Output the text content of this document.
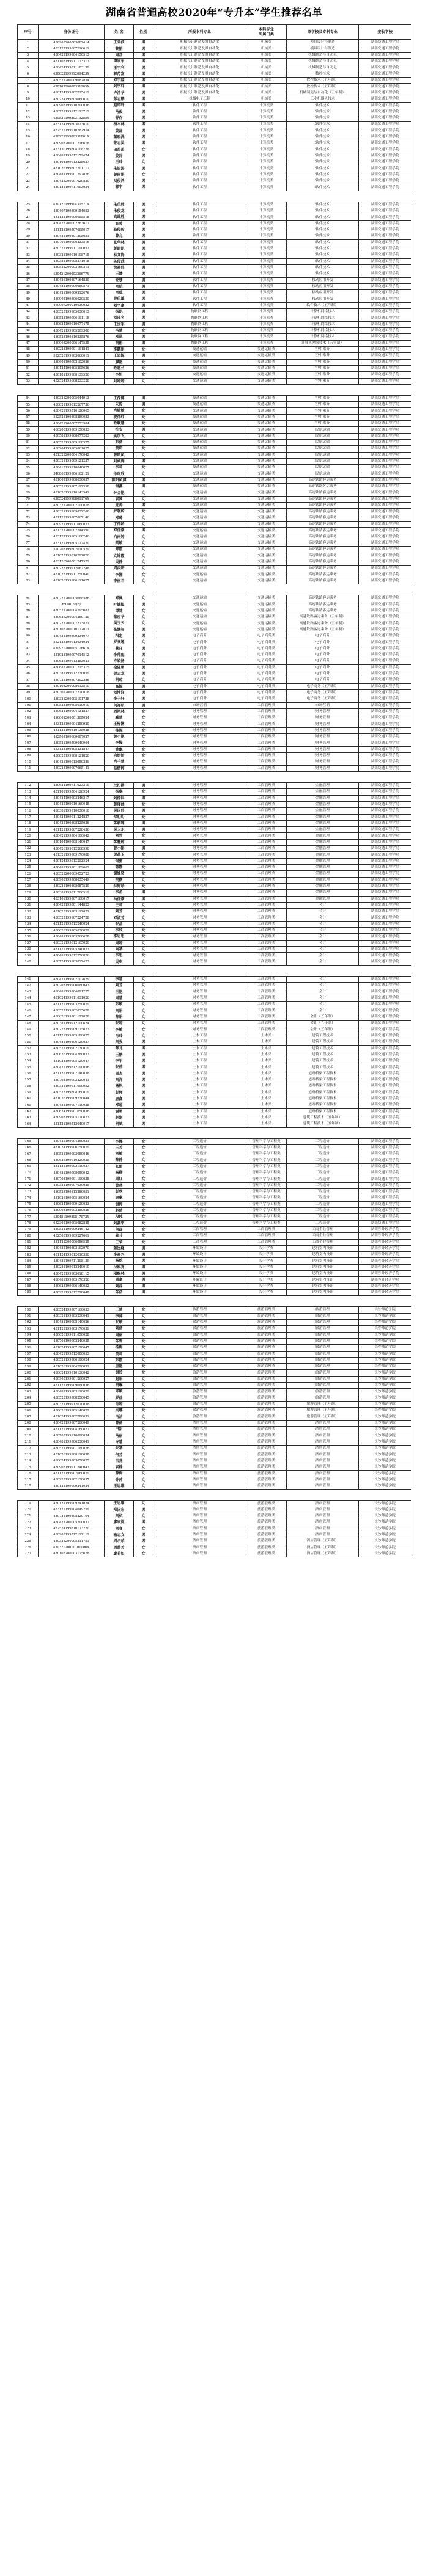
湖南省普通高校2020年“专升本”学生推荐名单
序号	身份证号	姓 名	性别	所报本科专业	本科专业
所属门类	原学校及专科专业	接收学校
1	430903200003082414	王亚波	男	机械设计制造及其自动化	机械类	模具设计与制造	湖南交通工程学院
2	433127199807216611	黎韬	男	机械设计制造及其自动化	机械类	模具设计与制造	湖南交通工程学院
3	430422199904150513	周勃	男	机械设计制造及其自动化	机械类	机械制造与自动化	湖南交通工程学院
4	431103199911173313	谭家乐	男	机械设计制造及其自动化	机械类	机械制造与自动化	湖南交通工程学院
5	430424199811103139	王宇利	男	机械设计制造及其自动化	机械类	机械制造与自动化	湖南交通工程学院
6	43062319991209423X	郭范富	男	机械设计制造及其自动化	机械类	数控技术	湖南交通工程学院
7	430521200009082854	邓宇翔	男	机械设计制造及其自动化	机械类	数控技术（五年制）	湖南交通工程学院
8	43010320000331105X	刘宇轩	男	机械设计制造及其自动化	机械类	数控技术（五年制）	湖南交通工程学院
9	430124199902215412	许清华	男	机械设计制造及其自动化	机械类	机械制造与自动化（五年制）	湖南交通工程学院
10	430224199805060610	彭志鹏	男	机械电子工程	机械类	工业机器人技术	湖南交通工程学院
11	430903199910200036	赵镕轩	男	软件工程	计算机类	软件技术	湖南交通工程学院
12	430721199912113712	马俊	男	软件工程	计算机类	软件技术	湖南交通工程学院
13	43052119980313285X	舒作	男	软件工程	计算机类	软件技术	湖南交通工程学院
14	433124199803023610	杨木林	男	软件工程	计算机类	软件技术	湖南交通工程学院
15	432522199910282974	黄磊	男	软件工程	计算机类	软件技术	湖南交通工程学院
16	43022319980331801X	董晓洗	男	软件工程	计算机类	软件技术	湖南交通工程学院
17	430903200001216618	张志昊	男	软件工程	计算机类	软件技术	湖南交通工程学院
18	433130199804108728	田盈盈	女	软件工程	计算机类	软件技术	湖南交通工程学院
19	430481199812179474	姜舒	男	软件工程	计算机类	软件技术	湖南交通工程学院
20	430104199912225627	王玲	女	软件工程	计算机类	软件技术	湖南交通工程学院
21	431026199807201117	朱银涛	男	软件工程	计算机类	软件技术	湖南交通工程学院
22	430481199901297026	曾丽娟	女	软件工程	计算机类	软件技术	湖南交通工程学院
23	430422200001029830	刘俊鸿	男	软件工程	计算机类	软件技术	湖南交通工程学院
24	430181199711093034	郭宇	男	软件工程	计算机类	软件技术	湖南交通工程学院
25	43012119990430521X	朱荣胜	男	软件工程	计算机类	软件技术	湖南交通工程学院
26	430407199809154053	朱俊龙	男	软件工程	计算机类	软件技术	湖南交通工程学院
27	431121199906055518	高雄胜	男	软件工程	计算机类	软件技术	湖南交通工程学院
28	430423200002263617	宾黄	男	软件工程	计算机类	软件技术	湖南交通工程学院
29	431128199807095017	骆俊毅	男	软件工程	计算机类	软件技术	湖南交通工程学院
30	430421199801305651	曾允	男	软件工程	计算机类	软件技术	湖南交通工程学院
31	430702199906233516	张华林	男	软件工程	计算机类	软件技术	湖南交通工程学院
32	430321199911190052	彭韶凯	男	软件工程	计算机类	软件技术	湖南交通工程学院
33	430321199910108715	易文海	男	软件工程	计算机类	软件技术	湖南交通工程学院
34	430381199908271018	陈俊武	男	软件工程	计算机类	软件技术	湖南交通工程学院
35	430521200003169211	徐嘉伟	男	软件工程	计算机类	软件技术	湖南交通工程学院
36	43042120000326677X	王潘	男	软件工程	计算机类	软件技术	湖南交通工程学院
37	430426199807164839	龙梦	男	软件工程	计算机类	移动应用开发	湖南交通工程学院
38	430481199906080571	肖航	男	软件工程	计算机类	移动应用开发	湖南交通工程学院
39	430421199909212676	肖威	男	软件工程	计算机类	移动应用开发	湖南交通工程学院
40	430902199806020530	曹伯雄	男	软件工程	计算机类	移动应用开发	湖南交通工程学院
41	460007200010030032	刘宇豪	男	软件工程	计算机类	软件技术（五年制）	湖南交通工程学院
42	430523199905030013	杨凯	男	物联网工程	计算机类	计算机网络技术	湖南交通工程学院
43	430523199906191118	刘邵名	男	物联网工程	计算机类	计算机网络技术	湖南交通工程学院
44	430624199910077475	王世军	男	物联网工程	计算机类	计算机网络技术	湖南交通工程学院
45	430421199905209306	冯慧	女	物联网工程	计算机类	计算机网络技术	湖南交通工程学院
46	430523199810235876	邓昆	男	物联网工程	计算机类	计算机网络技术	湖南交通工程学院
47	430903200006147535	胡彬	男	物联网工程	计算机类	计算机网络技术（五年制）	湖南交通工程学院
48	430223199901191841	李懿娟	女	交通运输	交通运输类	空中乘务	湖南交通工程学院
49	522528199903060011	王思源	男	交通运输	交通运输类	空中乘务	湖南交通工程学院
50	430603199902102026	廖艳	女	交通运输	交通运输类	空中乘务	湖南交通工程学院
51	430124199805205626	欧惠兰	女	交通运输	交通运输类	空中乘务	湖南交通工程学院
52	430181199908139526	李恒	女	交通运输	交通运输类	空中乘务	湖南交通工程学院
53	432524199808233220	刘婷婷	女	交通运输	交通运输类	空中乘务	湖南交通工程学院
54	430321200005044913	王深博	男	交通运输	交通运输类	空中乘务	湖南交通工程学院
55	430821199812267736	朱毅	男	交通运输	交通运输类	空中乘务	湖南交通工程学院
56	430422199810120065	肖敏敏	女	交通运输	交通运输类	空中乘务	湖南交通工程学院
57	522528199808280083	祝伟红	女	交通运输	交通运输类	空中乘务	湖南交通工程学院
58	430421200007253984	欧联慧	女	交通运输	交通运输类	空中乘务	湖南交通工程学院
59	460200199909150033	符安	男	交通运输	交通运输类	民航运输	湖南交通工程学院
60	430581199908077283	姚绥飞	女	交通运输	交通运输类	民航运输	湖南交通工程学院
61	430525199809168525	彭倩	女	交通运输	交通运输类	民航运输	湖南交通工程学院
62	430204199905061025	黄妍	女	交通运输	交通运输类	民航运输	湖南交通工程学院
63	431322200004170042	曾斯凤	女	交通运输	交通运输类	民航运输	湖南交通工程学院
64	430321199809121237	刘威骅	男	交通运输	交通运输类	民航运输	湖南交通工程学院
65	430412199910040027	李莉	女	交通运输	交通运输类	民航运输	湖南交通工程学院
66	340803199906162121	徐珂欣	女	交通运输	交通运输类	民航运输	湖南交通工程学院
67	431002199908030037	陈阳凤博	男	交通运输	交通运输类	高速铁路客运乘务	湖南交通工程学院
68	430521199907192590	谢鑫	男	交通运输	交通运输类	高速铁路客运乘务	湖南交通工程学院
69	431026199910143541	钟金艳	女	交通运输	交通运输类	高速铁路客运乘务	湖南交通工程学院
70	43052419990806176X	袁冀	女	交通运输	交通运输类	高速铁路客运乘务	湖南交通工程学院
71	430321200002100078	龙涛	男	交通运输	交通运输类	高速铁路客运乘务	湖南交通工程学院
72	430321199909032266	罗晓蔚	女	交通运输	交通运输类	高速铁路客运乘务	湖南交通工程学院
73	431122199907067146	邓璐	女	交通运输	交通运输类	高速铁路客运乘务	湖南交通工程学院
74	430921199911060023	丁伟龄	女	交通运输	交通运输类	高速铁路客运乘务	湖南交通工程学院
75	431321200002244590	邓佳豪	男	交通运输	交通运输类	高速铁路客运乘务	湖南交通工程学院
76	433127199905168246	向雨婷	女	交通运输	交通运输类	高速铁路客运乘务	湖南交通工程学院
77	433127199805127420	樊敏	女	交通运输	交通运输类	高速铁路客运乘务	湖南交通工程学院
78	520203199807010529	郑霞	女	交通运输	交通运输类	高速铁路客运乘务	湖南交通工程学院
79	431025199810292826	文锦霞	女	交通运输	交通运输类	高速铁路客运乘务	湖南交通工程学院
80	433126200001247522	吴静	女	交通运输	交通运输类	高速铁路客运乘务	湖南交通工程学院
81	430223199912067248	周添妍	女	交通运输	交通运输类	高速铁路客运乘务	湖南交通工程学院
82	431023199911250040	李湘	女	交通运输	交通运输类	高速铁路客运乘务	湖南交通工程学院
83	431026199906111627	李丽君	女	交通运输	交通运输类	高速铁路客运乘务	湖南交通工程学院
84	430722200005088586	邓佩	女	交通运输	交通运输类	高速铁路客运乘务	湖南交通工程学院
85	R974076(6)	叶铖韫	男	交通运输	交通运输类	高速铁路客运乘务	湖南交通工程学院
86	430521200004295682	谭婕	女	交通运输	交通运输类	高速铁路客运乘务	湖南交通工程学院
87	430626200004260129	张应华	女	交通运输	交通运输类	高速铁路客运乘务（五年制）	湖南交通工程学院
88	430223200007273821	昊玉云	女	交通运输	交通运输类	高速铁路客运乘务（五年制）	湖南交通工程学院
89	430105200010172011	张涵智	男	交通运输	交通运输类	高速铁路客运乘务（五年制）	湖南交通工程学院
90	430421199809234077	阳定	男	电子商务	电子商务类	电子商务	湖南交通工程学院
91	522128199912034024	罗亚娅	女	电子商务	电子商务类	电子商务	湖南交通工程学院
92	43092120000517661X	蔡旺	男	电子商务	电子商务类	电子商务	湖南交通工程学院
93	431023199907014512	李帅彪	男	电子商务	电子商务类	电子商务	湖南交通工程学院
94	430626199912283021	方姣扬	女	电子商务	电子商务类	电子商务	湖南交通工程学院
95	430682200001215315	余陈勇	男	电子商务	电子商务类	电子商务	湖南交通工程学院
96	430381199912230059	贺志龙	男	电子商务	电子商务类	电子商务	湖南交通工程学院
97	430722199807302286	胡琼	女	电子商务	电子商务类	电子商务	湖南交通工程学院
98	430103200008013510	高源	男	电子商务	电子商务类	电子商务（五年制）	湖南交通工程学院
99	430302200007270018	刘博洋	男	电子商务	电子商务类	电子商务（五年制）	湖南交通工程学院
100	430321200005101738	李子轩	男	电子商务	电子商务类	电子商务（五年制）	湖南交通工程学院
101	430523199605010010	何祥明	男	市场营销	工商管理类	市场营销	湖南交通工程学院
102	430621199904131827	周艳林	女	财务管理	工商管理类	财务管理	湖南交通工程学院
103	430902200001305024	臧慧	女	财务管理	工商管理类	财务管理	湖南交通工程学院
104	433123199904250920	王梓淋	女	财务管理	工商管理类	财务管理	湖南交通工程学院
105	431121199810138028	桂妮	女	财务管理	工商管理类	财务管理	湖南交通工程学院
106	432503199909097027	黄小艳	女	财务管理	工商管理类	财务管理	湖南交通工程学院
107	430521199809040964	李慢	女	财务管理	工商管理类	财务管理	湖南交通工程学院
108	433123199805231847	姚飘	女	财务管理	工商管理类	财务管理	湖南交通工程学院
109	430822199908121826	向娇娇	女	财务管理	工商管理类	财务管理	湖南交通工程学院
110	430421199912059289	肖千慧	女	财务管理	工商管理类	财务管理	湖南交通工程学院
111	430223199907065141	易熠婷	女	财务管理	工商管理类	财务管理	湖南交通工程学院
112	430624199711023319	兰汨港	男	财务管理	工商管理类	金融管理	湖南交通工程学院
113	431102199804128924	杨琳	女	财务管理	工商管理类	金融管理	湖南交通工程学院
114	430424199903246217	刘杨科	男	财务管理	工商管理类	金融管理	湖南交通工程学院
115	430422199910160048	彭瑾涵	女	财务管理	工商管理类	金融管理	湖南交通工程学院
116	430381199910030010	吴国伟	男	财务管理	工商管理类	金融管理	湖南交通工程学院
117	430424199911224827	邹盼盼	女	财务管理	工商管理类	金融管理	湖南交通工程学院
118	430422199808225036	陈朝晖	男	财务管理	工商管理类	金融管理	湖南交通工程学院
119	431121199807228436	吴卫东	男	财务管理	工商管理类	金融管理	湖南交通工程学院
120	430421199904100042	刘哲	女	财务管理	工商管理类	金融管理	湖南交通工程学院
121	420104199908140047	陈慧婷	女	财务管理	工商管理类	金融管理	湖南交通工程学院
122	430426199812268990	曾小铭	男	财务管理	工商管理类	金融管理	湖南交通工程学院
123	431321199909170088	贺晶玉	女	财务管理	工商管理类	金融管理	湖南交通工程学院
124	430124199812292924	何蜜	女	财务管理	工商管理类	金融管理	湖南交通工程学院
125	430481199901109662	蒋勘	女	财务管理	工商管理类	金融管理	湖南交通工程学院
126	430522200009052723	谢姝贤	女	财务管理	工商管理类	金融管理	湖南交通工程学院
127	430903199908035449	贺微	女	财务管理	工商管理类	金融管理	湖南交通工程学院
128	430221199808087529	林甯珍	女	财务管理	工商管理类	金融管理	湖南交通工程学院
129	430381199811206519	李丞	男	财务管理	工商管理类	金融管理	湖南交通工程学院
130	433101199907160017	马佳豪	男	财务管理	工商管理类	金融管理	湖南交通工程学院
131	430422199801144823	王莉	女	财务管理	工商管理类	会计	湖南交通工程学院
132	431023199903112021	刘芳	女	财务管理	工商管理类	会计	湖南交通工程学院
133	430522199907224728	邓淑芳	女	财务管理	工商管理类	会计	湖南交通工程学院
134	431122199812240024	张晶	女	财务管理	工商管理类	会计	湖南交通工程学院
135	430626199905030029	李姣	女	财务管理	工商管理类	会计	湖南交通工程学院
136	430481199903260628	李思思	女	财务管理	工商管理类	会计	湖南交通工程学院
137	430321199812165020	周婷	女	财务管理	工商管理类	会计	湖南交通工程学院
138	431122199905240023	向琴	女	财务管理	工商管理类	会计	湖南交通工程学院
139	430481199812256826	李思	女	财务管理	工商管理类	会计	湖南交通工程学院
140	430724199903012423	吴琪	女	财务管理	工商管理类	会计	湖南交通工程学院
141	430421199902107629	李慧	女	财务管理	工商管理类	会计	湖南交通工程学院
142	430703199906080043	刘芳	女	财务管理	工商管理类	会计	湖南交通工程学院
143	430481199904091225	王艳	女	财务管理	工商管理类	会计	湖南交通工程学院
144	431024199911031026	周慧	女	财务管理	工商管理类	会计	湖南交通工程学院
145	431122199903250029	彭敏	女	财务管理	工商管理类	会计	湖南交通工程学院
146	430522199902035628	刘娟	女	财务管理	工商管理类	会计	湖南交通工程学院
147	430626199901122028	陈娟	女	财务管理	工商管理类	会计（五年制）	湖南交通工程学院
148	430381199912100624	张婷	女	财务管理	工商管理类	会计（五年制）	湖南交通工程学院
149	430223199909175023	李敏	女	财务管理	工商管理类	会计（五年制）	湖南交通工程学院
150	431121199905180025	肖玲	女	土木工程	土木类	建筑工程技术	湖南交通工程学院
151	430481199806120037	刘强	男	土木工程	土木类	建筑工程技术	湖南交通工程学院
152	430521199902130019	陈龙	男	土木工程	土木类	建筑工程技术	湖南交通工程学院
153	430626199904280033	王鹏	男	土木工程	土木类	建筑工程技术	湖南交通工程学院
154	431024199905120047	李军	男	土木工程	土木类	建筑工程技术	湖南交通工程学院
155	430422199812190056	张伟	男	土木工程	土木类	建筑工程技术	湖南交通工程学院
156	431122199907140038	周杰	男	土木工程	土木类	道路桥梁工程技术	湖南交通工程学院
157	430703199903220041	刘洋	男	土木工程	土木类	道路桥梁工程技术	湖南交通工程学院
158	430321199911090052	杨帆	男	土木工程	土木类	道路桥梁工程技术	湖南交通工程学院
159	430523199808160019	彭辉	男	土木工程	土木类	道路桥梁工程技术	湖南交通工程学院
160	431026199909230044	唐鑫	男	土木工程	土木类	道路桥梁工程技术	湖南交通工程学院
161	430481199907110028	邓超	男	土木工程	土木类	道路桥梁工程技术	湖南交通工程学院
162	430624199901050036	谢勇	男	土木工程	土木类	道路桥梁工程技术	湖南交通工程学院
163	430903199905170023	赵刚	男	土木工程	土木类	建筑工程技术（五年制）	湖南交通工程学院
164	431121199812040017	胡斌	男	土木工程	土木类	建筑工程技术（五年制）	湖南交通工程学院
165	430422199904260031	李娜	女	工程造价	管理科学与工程类	工程造价	湖南交通工程学院
166	431024199906150029	王芳	女	工程造价	管理科学与工程类	工程造价	湖南交通工程学院
167	430521199903080046	刘敏	女	工程造价	管理科学与工程类	工程造价	湖南交通工程学院
168	430626199910220035	陈静	女	工程造价	管理科学与工程类	工程造价	湖南交通工程学院
169	431122199902110027	张丽	女	工程造价	管理科学与工程类	工程造价	湖南交通工程学院
170	430481199908050042	杨柳	女	工程造价	管理科学与工程类	工程造价	湖南交通工程学院
171	430703199901190038	周红	女	工程造价	管理科学与工程类	工程造价	湖南交通工程学院
172	430321199907030025	黄燕	女	工程造价	管理科学与工程类	工程造价	湖南交通工程学院
173	430523199812280051	彭欣	女	工程造价	管理科学与工程类	工程造价	湖南交通工程学院
174	431026199905160024	唐琳	女	工程造价	管理科学与工程类	工程造价	湖南交通工程学院
175	430624199909120033	谢婷	女	工程造价	管理科学与工程类	工程造价	湖南交通工程学院
176	430903199903250026	赵倩	女	工程造价	管理科学与工程类	工程造价	湖南交通工程学院
177	43048119980817972X	段纯	女	工程造价	管理科学与工程类	工程造价	湖南交通工程学院
178	652302199905082825	刘鑫宇	女	工程造价	管理科学与工程类	工程造价	湖南交通工程学院
179	430521199909246142	何磊	女	工商管理	工商管理类	工商企业管理	湖南涉外经济学院
180	432503199909227661	郭芬	女	工商管理	工商管理类	工商企业管理	湖南涉外经济学院
181	431121200006086525	王荣	女	工商管理	工商管理类	工商企业管理	湖南涉外经济学院
182	430482199802192970	蒋岚峰	男	环境设计	设计学类	建筑室内设计	湖南涉外经济学院
183	431124199812010350	李嘉兴	男	环境设计	设计学类	建筑室内设计	湖南涉外经济学院
184	430482199711298139	杨乾	男	环境设计	设计学类	建筑室内设计	湖南涉外经济学院
185	430281199912249010	付科亮	男	环境设计	设计学类	建筑室内设计	湖南涉外经济学院
186	430422199903018115	阳赐林	男	环境设计	设计学类	建筑室内设计	湖南涉外经济学院
187	430481199905170326	周豪	男	环境设计	设计学类	建筑室内设计	湖南涉外经济学院
188	430623199906140052	刘磊	男	环境设计	设计学类	建筑室内设计	湖南涉外经济学院
189	430921199812220048	陈浩	男	环境设计	设计学类	建筑室内设计	湖南涉外经济学院
190	430524199907160033	王慧	女	旅游管理	旅游管理类	旅游管理	长沙师范学院
191	430321199905230041	李萍	女	旅游管理	旅游管理类	旅游管理	长沙师范学院
192	430481199908140026	张敏	女	旅游管理	旅游管理类	旅游管理	长沙师范学院
193	431122199903170039	刘倩	女	旅游管理	旅游管理类	旅游管理	长沙师范学院
194	430626199911050028	周丽	女	旅游管理	旅游管理类	旅游管理	长沙师范学院
195	430703199902240035	陈雪	女	旅游管理	旅游管理类	旅游管理	长沙师范学院
196	431024199907120047	杨梅	女	旅游管理	旅游管理类	旅游管理	长沙师范学院
197	430422199812080053	黄莉	女	旅游管理	旅游管理类	旅游管理	长沙师范学院
198	430521199906190024	彭霞	女	旅游管理	旅游管理类	旅游管理	长沙师范学院
199	431026199904220031	唐艳	女	旅游管理	旅游管理类	旅游管理	长沙师范学院
200	430624199910130042	谢玲	女	旅游管理	旅游管理类	旅游管理	长沙师范学院
201	430903199901260027	赵娟	女	旅游管理	旅游管理类	旅游管理	长沙师范学院
202	431121199909080036	胡琳	女	旅游管理	旅游管理类	旅游管理	长沙师范学院
203	430481199903110029	邓颖	女	旅游管理	旅游管理类	旅游管理	长沙师范学院
204	430523199908250045	罗佳	女	旅游管理	旅游管理类	旅游管理	长沙师范学院
205	430321199912070038	肖婷	女	旅游管理	旅游管理类	旅游管理（五年制）	长沙师范学院
206	430626199905140022	吴娜	女	旅游管理	旅游管理类	旅游管理（五年制）	长沙师范学院
207	431024199902280031	冯洁	女	旅游管理	旅游管理类	旅游管理（五年制）	长沙师范学院
208	430422199907200049	曾倩	女	酒店管理	旅游管理类	酒店管理	长沙师范学院
209	431122199904160027	田甜	女	酒店管理	旅游管理类	酒店管理	长沙师范学院
210	430703199910090034	马丽	女	酒店管理	旅游管理类	酒店管理	长沙师范学院
211	430481199906230041	许慧	女	酒店管理	旅游管理类	酒店管理	长沙师范学院
212	430521199901180026	朱琴	女	酒店管理	旅游管理类	酒店管理	长沙师范学院
213	431026199908110038	何芳	女	酒店管理	旅游管理类	酒店管理	长沙师范学院
214	430624199903050025	吕燕	女	酒店管理	旅游管理类	酒店管理	长沙师范学院
215	430903199911240043	袁静	女	酒店管理	旅游管理类	酒店管理	长沙师范学院
216	431121199907060029	薛梅	女	酒店管理	旅游管理类	酒店管理	长沙师范学院
217	430223199902130037	钟萍	女	酒店管理	旅游管理类	酒店管理	长沙师范学院
218	430121199909241024	王思维	女	酒店管理	旅游管理类	酒店管理	长沙师范学院
219	430121199909241024	王思维	女	酒店管理	旅游管理类	酒店管理	长沙师范学院
220	433127199704049259	郑国宏	男	酒店管理	旅游管理类	酒店管理	长沙师范学院
221	430721199808220104	刘杭	女	酒店管理	旅游管理类	酒店管理	长沙师范学院
222	430421200005200037	廖家旋	男	酒店管理	旅游管理类	酒店管理	长沙师范学院
223	432524199810173220	刘赛	女	酒店管理	旅游管理类	酒店管理	长沙师范学院
224	430903199812112112	喻志文	男	酒店管理	旅游管理类	酒店管理	长沙师范学院
225	430321200005311751	周余荣	男	酒店管理	旅游管理类	酒店管理（五年制）	长沙师范学院
226	43032120010101006X	周燚芳	女	酒店管理	旅游管理类	酒店管理（五年制）	长沙师范学院
227	430105200003175628	廖若如	女	酒店管理	旅游管理类	酒店管理（五年制）	长沙师范学院
